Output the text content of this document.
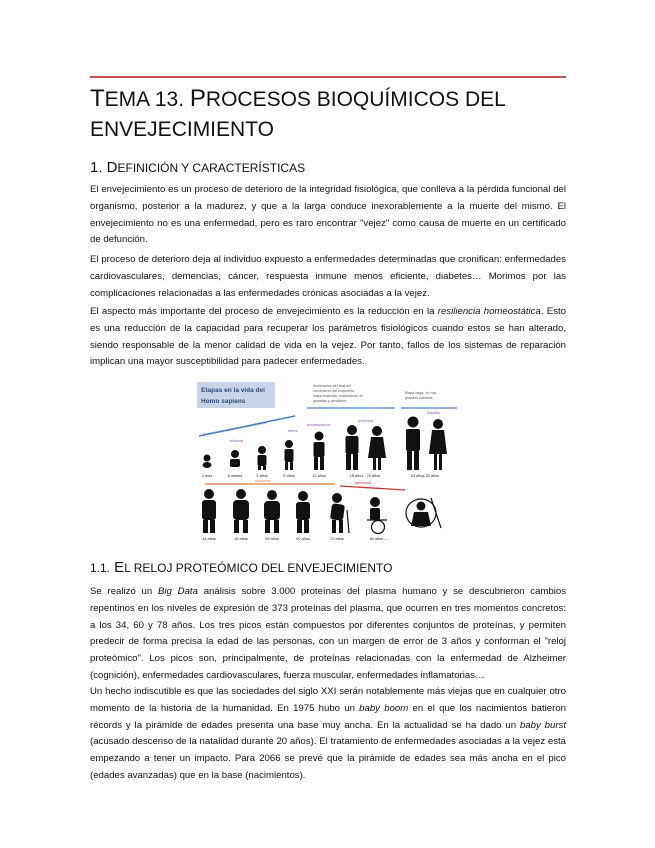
TEMA 13. PROCESOS BIOQUÍMICOS DEL
ENVEJECIMIENTO
1. DEFINICIÓN Y CARACTERÍSTICAS
El envejecimiento es un proceso de deterioro de la integridad fisiológica, que conlleva a la pérdida funcional del organismo, posterior a la madurez, y que a la larga conduce inexorablemente a la muerte del mismo. El envejecimiento no es una enfermedad, pero es raro encontrar "vejez" como causa de muerte en un certificado de defunción.
El proceso de deterioro deja al individuo expuesto a enfermedades determinadas que cronifican: enfermedades cardiovasculares, demencias, cáncer, respuesta inmune menos eficiente, diabetes… Morimos por las complicaciones relacionadas a las enfermedades crónicas asociadas a la vejez.
El aspecto más importante del proceso de envejecimiento es la reducción en la resiliencia homeostática. Esto es una reducción de la capacidad para recuperar los parámetros fisiológicos cuando estos se han alterado, siendo responsable de la menor calidad de vida en la vejez. Por tanto, fallos de los sistemas de reparación implican una mayor susceptibilidad para padecer enfermedades.
Etapas en la vida del
Homo sapiens
Crecimiento y altura de la masa corporal
Aceleración del final del
crecimiento del esqueleto,
masa muscular, maduración de
gónadas y pendiente
Etapa larga, no hay
grandes cambios
infancia
niñez
adolescencia
juventud
Adultez
1 mes	6 meses	3 años	6 años	12 años	18 años - 23 años	24 años-33 años
madurez	senectud
34 años	45 años	55 años	60 años	70 años	80 años ....
1.1. EL RELOJ PROTEÓMICO DEL ENVEJECIMIENTO
Se realizó un Big Data análisis sobre 3.000 proteínas del plasma humano y se descubrieron cambios repentinos en los niveles de expresión de 373 proteínas del plasma, que ocurren en tres momentos concretos: a los 34, 60 y 78 años. Los tres picos están compuestos por diferentes conjuntos de proteínas, y permiten predecir de forma precisa la edad de las personas, con un margen de error de 3 años y conforman el "reloj proteómico". Los picos son, principalmente, de proteínas relacionadas con la enfermedad de Alzheimer (cognición), enfermedades cardiovasculares, fuerza muscular, enfermedades inflamatorias…
Un hecho indiscutible es que las sociedades del siglo XXI serán notablemente más viejas que en cualquier otro momento de la historia de la humanidad. En 1975 hubo un baby boom en el que los nacimientos batieron récords y la pirámide de edades presenta una base muy ancha. En la actualidad se ha dado un baby burst (acusado descenso de la natalidad durante 20 años). El tratamiento de enfermedades asociadas a la vejez está empezando a tener un impacto. Para 2066 se prevé que la pirámide de edades sea más ancha en el pico (edades avanzadas) que en la base (nacimientos).
